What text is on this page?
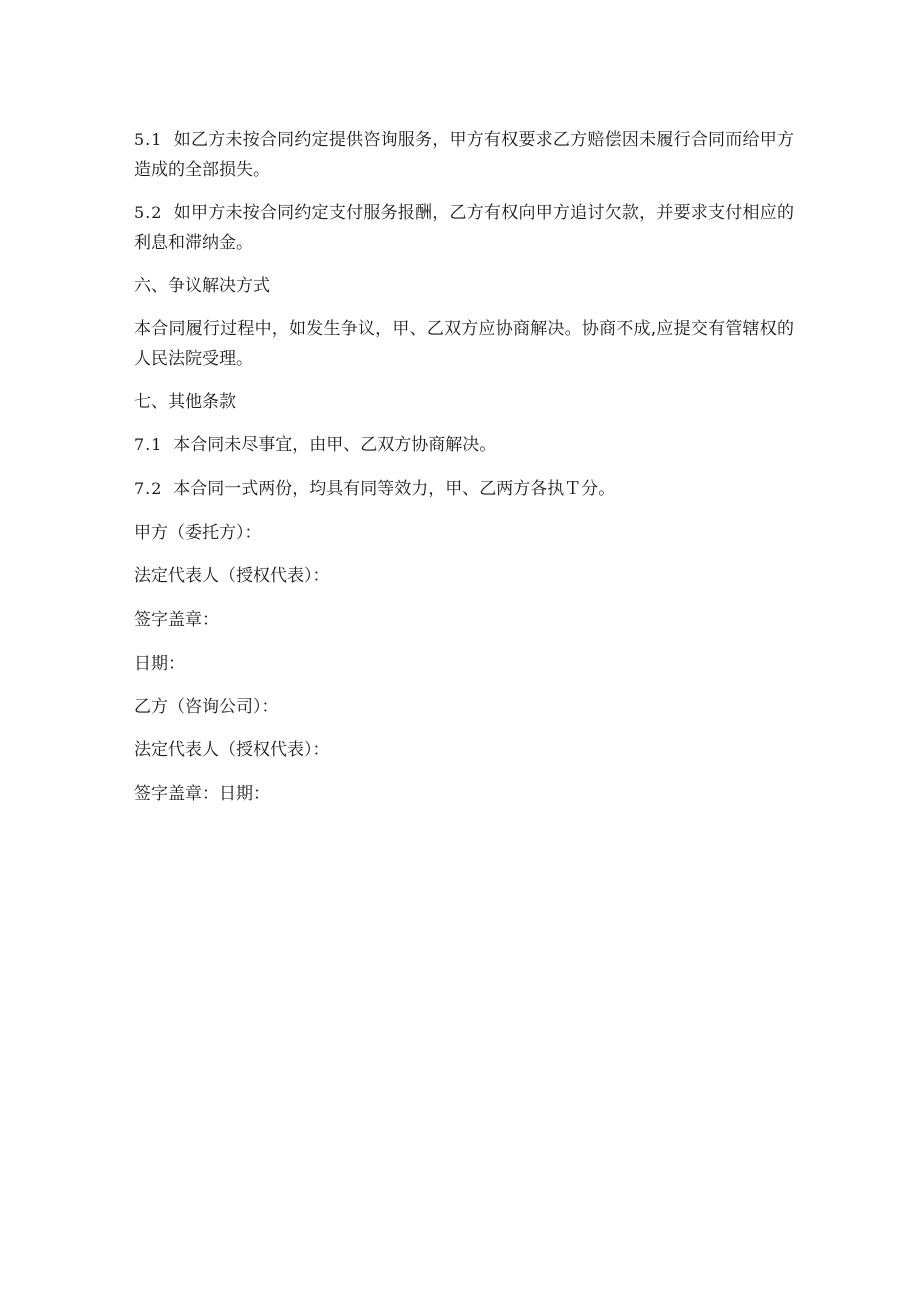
5.1 如乙方未按合同约定提供咨询服务，甲方有权要求乙方赔偿因未履行合同而给甲方造成的全部损失。

5.2 如甲方未按合同约定支付服务报酬，乙方有权向甲方追讨欠款，并要求支付相应的利息和滞纳金。

六、争议解决方式

本合同履行过程中，如发生争议，甲、乙双方应协商解决。协商不成,应提交有管辖权的人民法院受理。

七、其他条款

7.1 本合同未尽事宜，由甲、乙双方协商解决。

7.2 本合同一式两份，均具有同等效力，甲、乙两方各执Ｔ分。

甲方（委托方）：

法定代表人（授权代表）：

签字盖章：

日期：

乙方（咨询公司）：

法定代表人（授权代表）：

签字盖章：日期：
